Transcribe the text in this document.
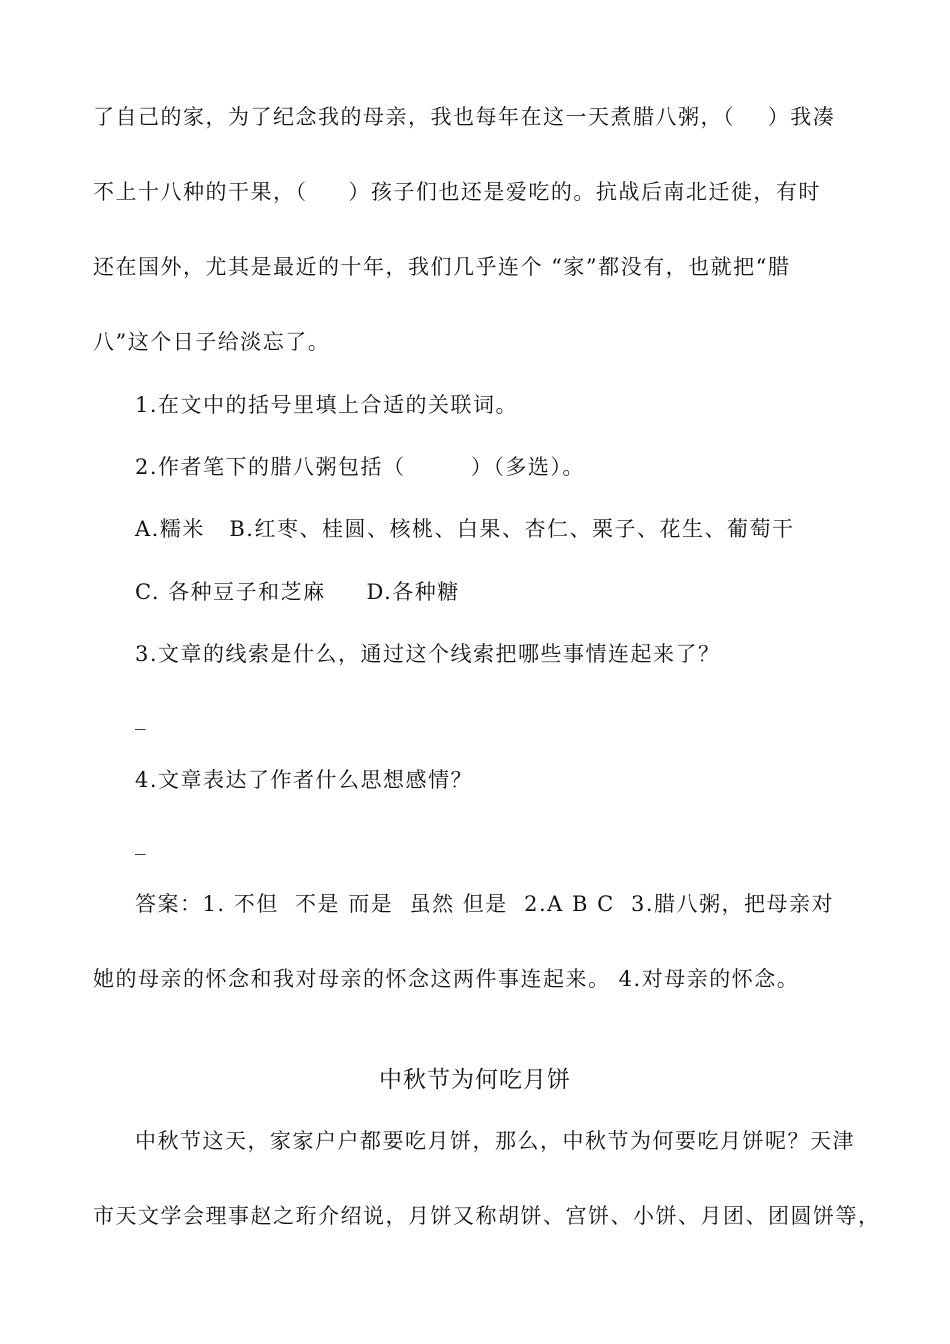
了自己的家，为了纪念我的母亲，我也每年在这一天煮腊八粥，（    ）我凑
不上十八种的干果，（     ）孩子们也还是爱吃的。抗战后南北迁徙，有时
还在国外，尤其是最近的十年，我们几乎连个 “家”都没有，也就把“腊
八”这个日子给淡忘了。
1.在文中的括号里填上合适的关联词。
2.作者笔下的腊八粥包括（        ）（多选）。
A.糯米   B.红枣、桂圆、核桃、白果、杏仁、栗子、花生、葡萄干
C. 各种豆子和芝麻     D.各种糖
3.文章的线索是什么，通过这个线索把哪些事情连起来了？
_
4.文章表达了作者什么思想感情？
_
答案：1. 不但  不是 而是  虽然 但是  2.A B C  3.腊八粥，把母亲对
她的母亲的怀念和我对母亲的怀念这两件事连起来。 4.对母亲的怀念。
中秋节为何吃月饼
中秋节这天，家家户户都要吃月饼，那么，中秋节为何要吃月饼呢？天津
市天文学会理事赵之珩介绍说，月饼又称胡饼、宫饼、小饼、月团、团圆饼等，
